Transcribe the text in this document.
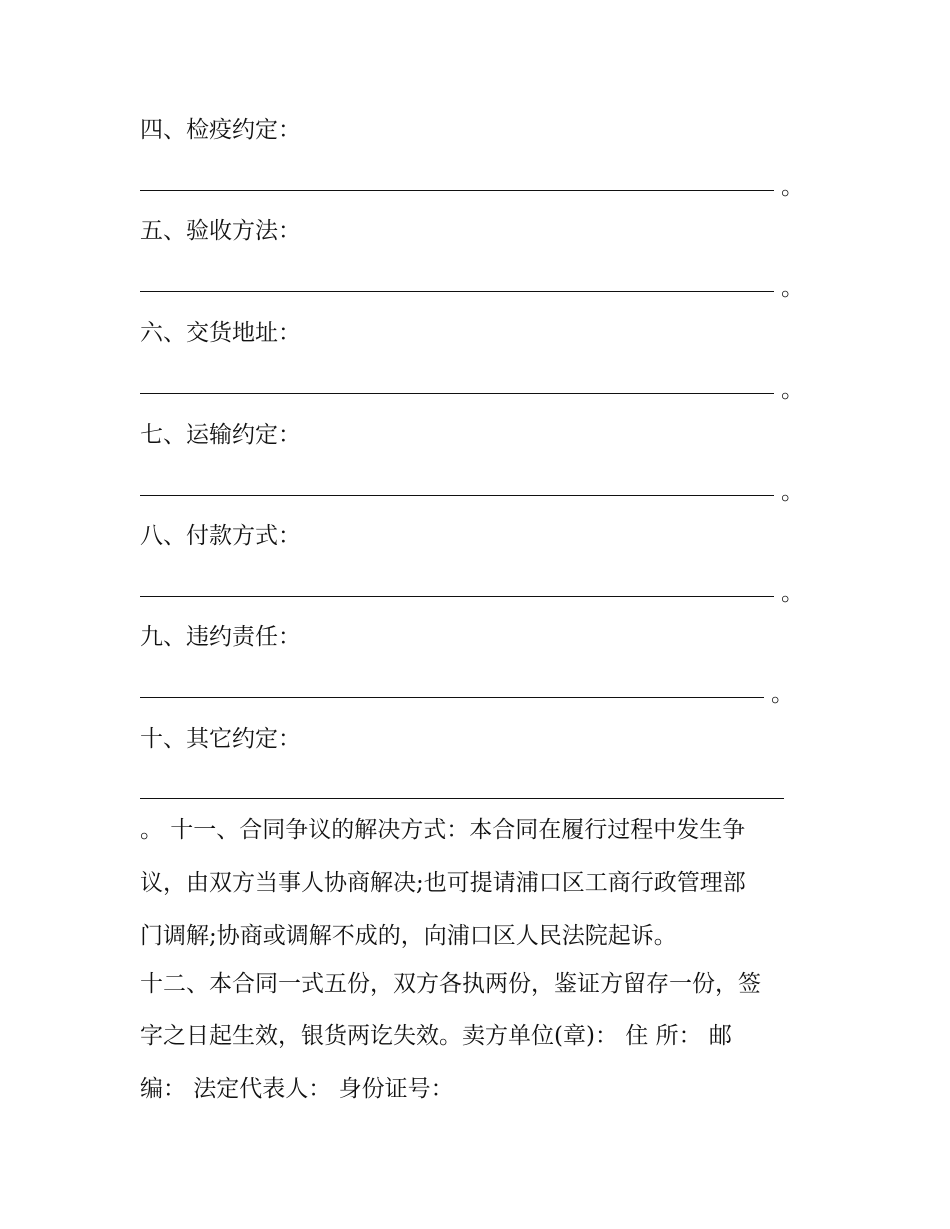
四、检疫约定：
。
五、验收方法：
。
六、交货地址：
。
七、运输约定：
。
八、付款方式：
。
九、违约责任：
。
十、其它约定：
。 十一、合同争议的解决方式：本合同在履行过程中发生争
议，由双方当事人协商解决;也可提请浦口区工商行政管理部
门调解;协商或调解不成的，向浦口区人民法院起诉。
十二、本合同一式五份，双方各执两份，鉴证方留存一份，签
字之日起生效，银货两讫失效。卖方单位(章)： 住 所： 邮
编： 法定代表人： 身份证号：
